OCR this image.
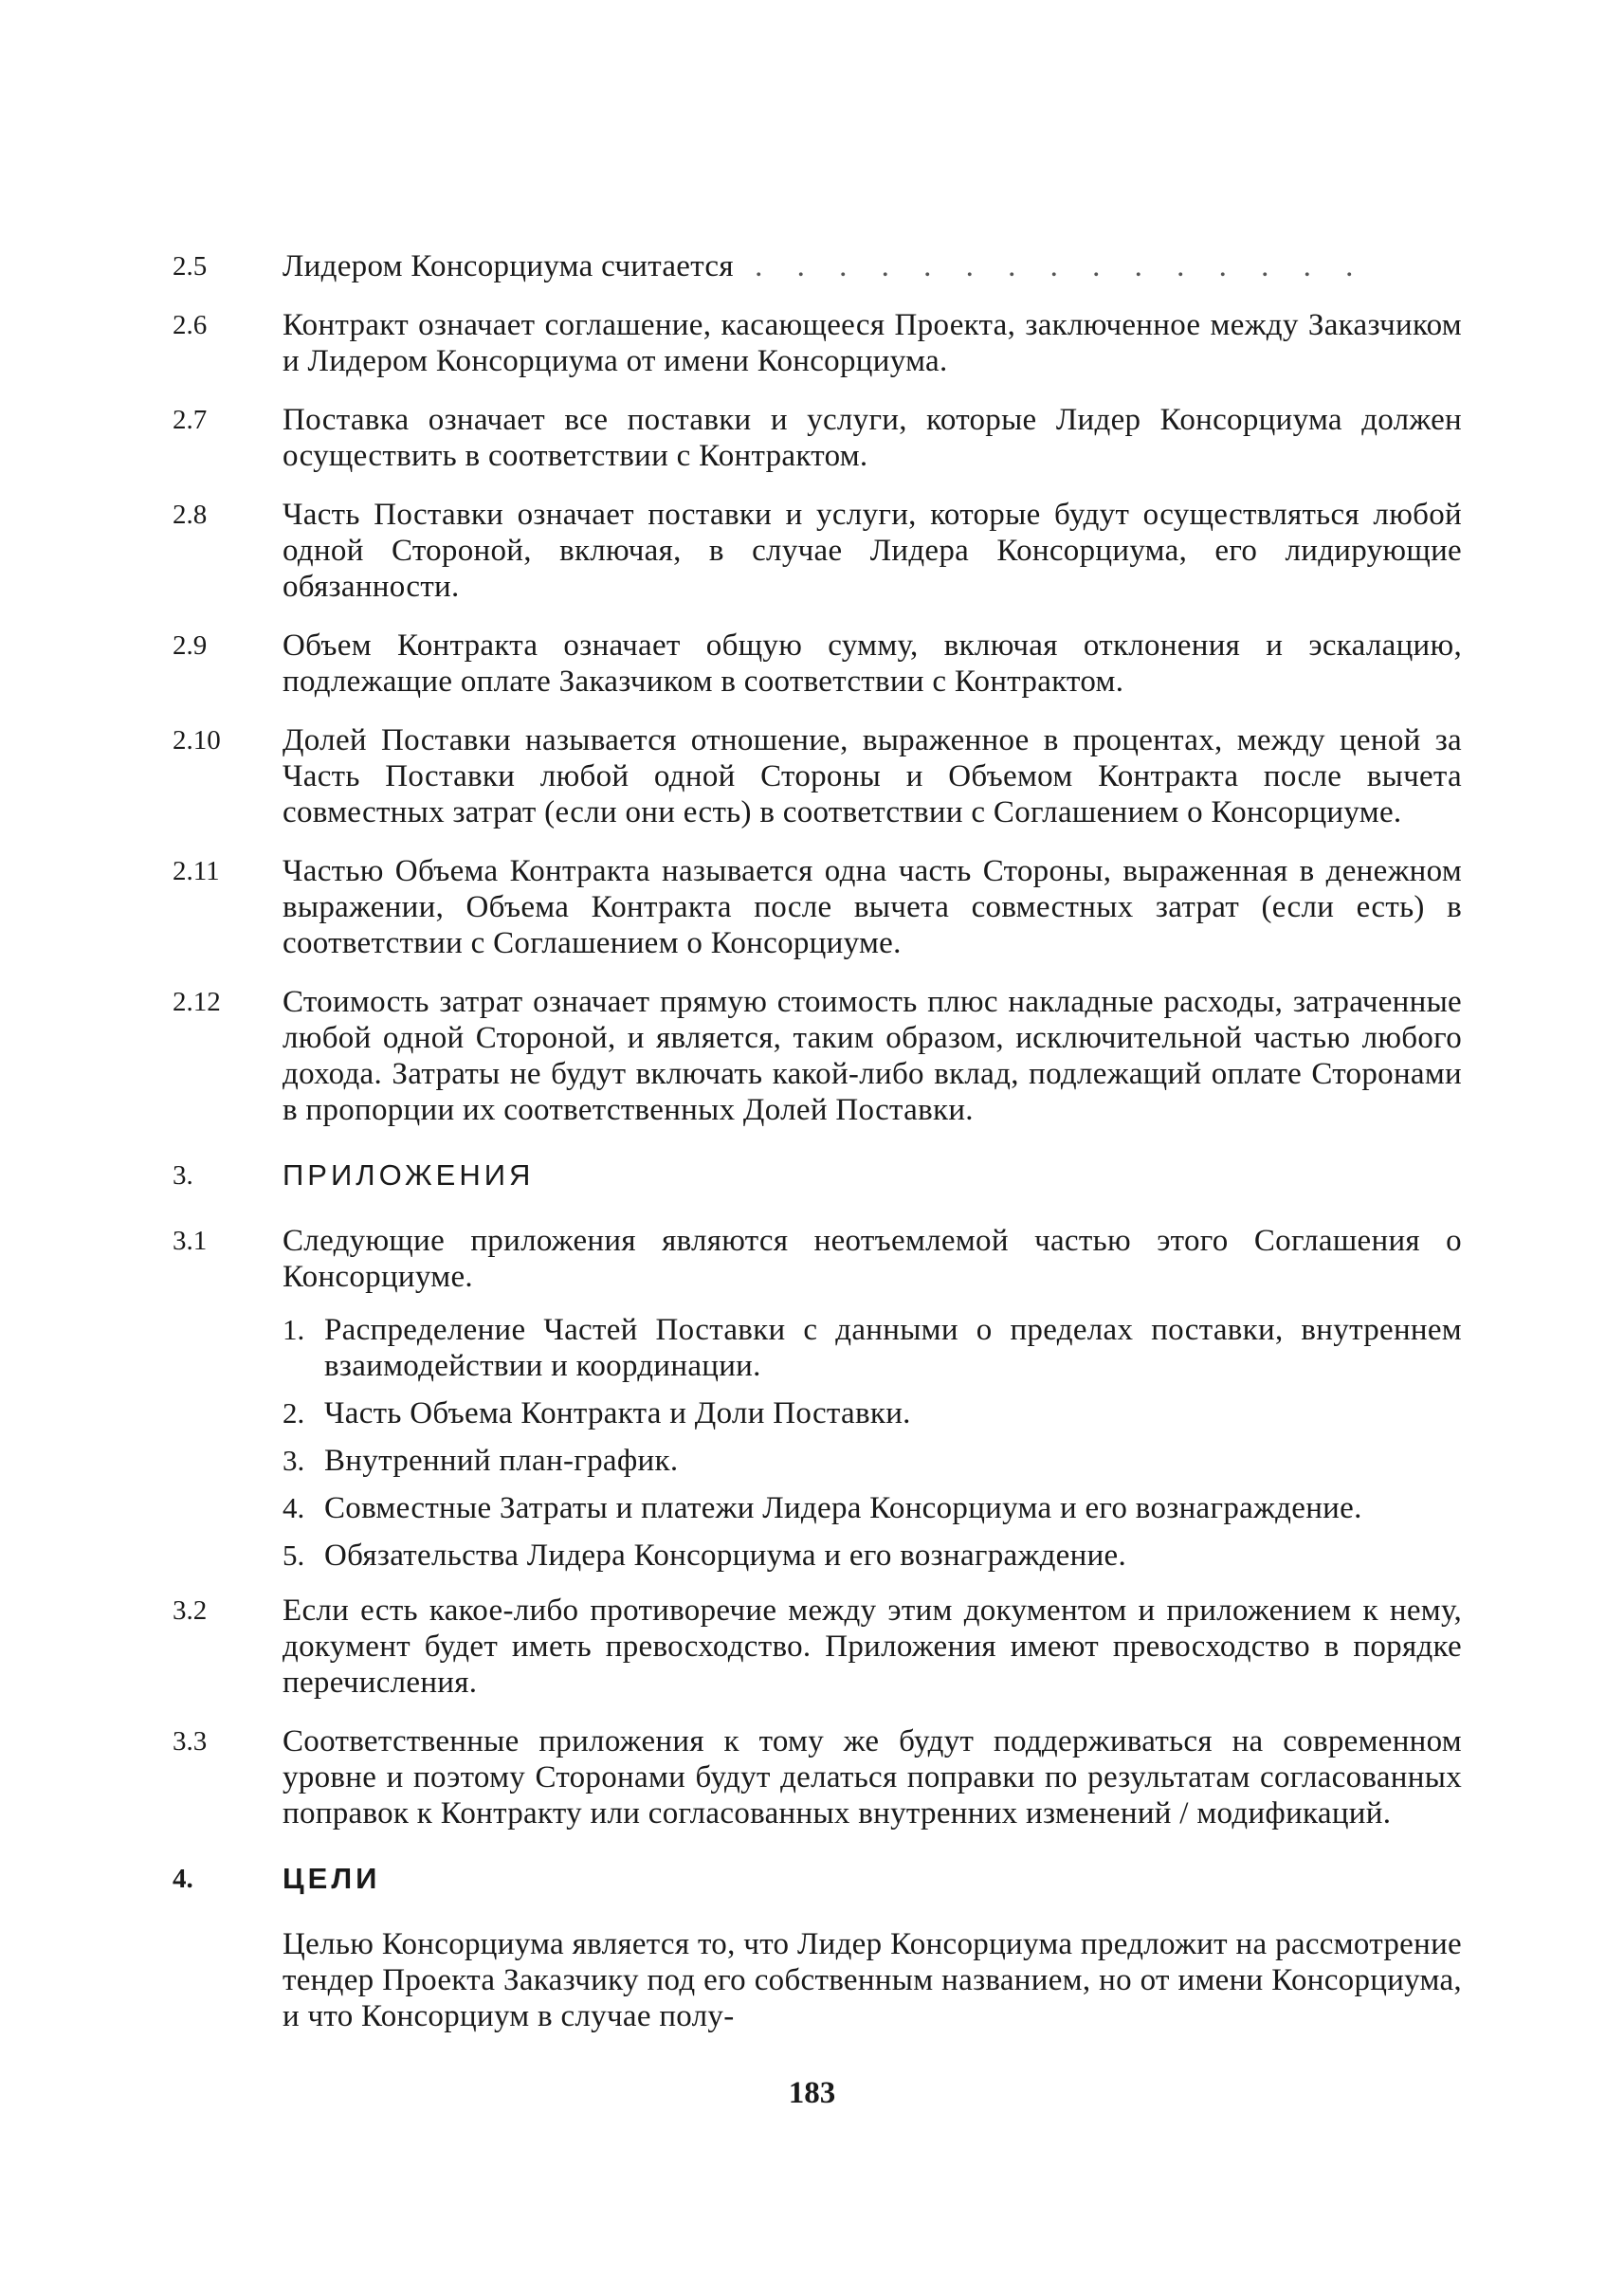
2.5	Лидером Консорциума считается . . . . . . . . . . . . . . .
2.6	Контракт означает соглашение, касающееся Проекта, заключенное между Заказчиком и Лидером Консорциума от имени Консорциума.
2.7	Поставка означает все поставки и услуги, которые Лидер Консорциума должен осуществить в соответствии с Контрактом.
2.8	Часть Поставки означает поставки и услуги, которые будут осуществляться любой одной Стороной, включая, в случае Лидера Консорциума, его лидирующие обязанности.
2.9	Объем Контракта означает общую сумму, включая отклонения и эскалацию, подлежащие оплате Заказчиком в соответствии с Контрактом.
2.10	Долей Поставки называется отношение, выраженное в процентах, между ценой за Часть Поставки любой одной Стороны и Объемом Контракта после вычета совместных затрат (если они есть) в соответствии с Соглашением о Консорциуме.
2.11	Частью Объема Контракта называется одна часть Стороны, выраженная в денежном выражении, Объема Контракта после вычета совместных затрат (если есть) в соответствии с Соглашением о Консорциуме.
2.12	Стоимость затрат означает прямую стоимость плюс накладные расходы, затраченные любой одной Стороной, и является, таким образом, исключительной частью любого дохода. Затраты не будут включать какой-либо вклад, подлежащий оплате Сторонами в пропорции их соответственных Долей Поставки.
3.	ПРИЛОЖЕНИЯ
3.1	Следующие приложения являются неотъемлемой частью этого Соглашения о Консорциуме.
1. Распределение Частей Поставки с данными о пределах поставки, внутреннем взаимодействии и координации.
2. Часть Объема Контракта и Доли Поставки.
3. Внутренний план-график.
4. Совместные Затраты и платежи Лидера Консорциума и его вознаграждение.
5. Обязательства Лидера Консорциума и его вознаграждение.
3.2	Если есть какое-либо противоречие между этим документом и приложением к нему, документ будет иметь превосходство. Приложения имеют превосходство в порядке перечисления.
3.3	Соответственные приложения к тому же будут поддерживаться на современном уровне и поэтому Сторонами будут делаться поправки по результатам согласованных поправок к Контракту или согласованных внутренних изменений / модификаций.
4.	ЦЕЛИ
Целью Консорциума является то, что Лидер Консорциума предложит на рассмотрение тендер Проекта Заказчику под его собственным названием, но от имени Консорциума, и что Консорциум в случае полу-
183
